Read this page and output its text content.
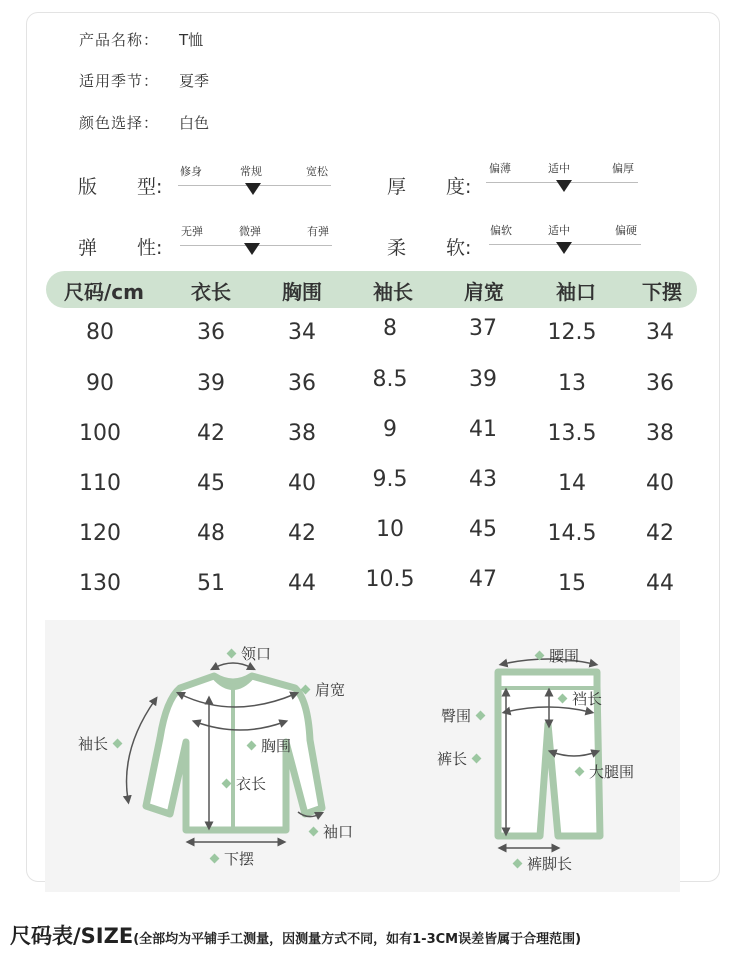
产品名称： T恤
适用季节： 夏季
颜色选择： 白色
版 型:
修身	常规	宽松
厚 度:
偏薄	适中	偏厚
弹 性:
无弹	微弹	有弹
柔 软:
偏软	适中	偏硬
尺码/cm 衣长	胸围	袖长	肩宽	袖口 下摆
80	36	34	8	37 12.5 34
90	39	36	8.5	39	13	36
100	42	38	9	41 13.5 38
110	45	40	9.5	43	14	40
120	48	42	10	45 14.5 42
130	51	44 10.5 47	15	44
领口
肩宽
袖长	胸围
衣长
袖口
下摆
腰围
裆长
臀围
裤长
大腿围
裤脚长
尺码表/SIZE(全部均为平铺手工测量，因测量方式不同，如有1-3CM误差皆属于合理范围)
